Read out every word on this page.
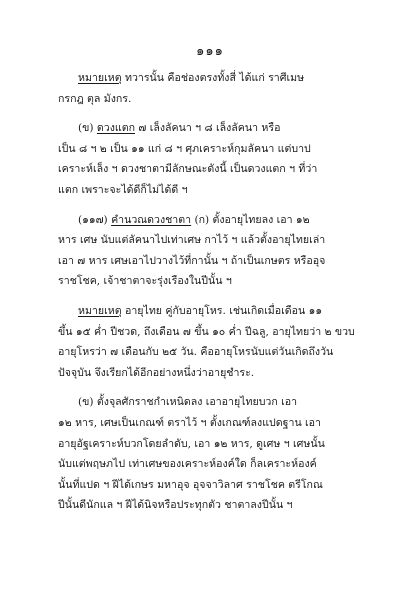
๑๑๑
หมายเหตุ ทวารนั้น คือช่องตรงทั้งสี่ ได้แก่ ราศีเมษ
กรกฎ ตุล มังกร.
(ข) ดวงแตก ๗ เล็งลัคนา ฯ ๘ เล็งลัคนา หรือ
เป็น ๘ ฯ ๒ เป็น ๑๑ แก่ ๘ ฯ ศุภเคราะห์กุมลัคนา แต่บาป
เคราะห์เล็ง ฯ ดวงชาตามีลักษณะดังนี้ เป็นดวงแตก ฯ ที่ว่า
แตก เพราะจะได้ดีก็ไม่ได้ดี ฯ
(๑๑๗) คำนวณดวงชาตา (ก) ตั้งอายุไทยลง เอา ๑๒
หาร เศษ นับแต่ลัคนาไปเท่าเศษ กาไว้ ฯ แล้วตั้งอายุไทยเล่า
เอา ๗ หาร เศษเอาไปวางไว้ที่กานั้น ฯ ถ้าเป็นเกษตร หรืออุจ
ราชโชค, เจ้าชาตาจะรุ่งเรืองในปีนั้น ฯ
หมายเหตุ อายุไทย คู่กับอายุโหร. เช่นเกิดเมื่อเดือน ๑๑
ขึ้น ๑๕ ค่ำ ปีชวด, ถึงเดือน ๗ ขึ้น ๑๐ ค่ำ ปีฉลู, อายุไทยว่า ๒ ขวบ
อายุโหรว่า ๗ เดือนกับ ๒๕ วัน. คืออายุโหรนับแต่วันเกิดถึงวัน
ปัจจุบัน จึงเรียกได้อีกอย่างหนึ่งว่าอายุชำระ.
(ข) ตั้งจุลศักราชกำเหนิดลง เอาอายุไทยบวก เอา
๑๒ หาร, เศษเป็นเกณฑ์ ตราไว้ ฯ ตั้งเกณฑ์ลงแปดฐาน เอา
อายุอัฐเคราะห์บวกโดยลำดับ, เอา ๑๒ หาร, ดูเศษ ฯ เศษนั้น
นับแต่พฤษภไป เท่าเศษของเคราะห์องค์ใด ก็ลเคราะห์องค์
นั้นที่แปด ฯ ฝีได้เกษร มหาอุจ อุจจาวิลาศ ราชโชค ตรีโกณ
ปีนั้นดีนักแล ฯ ฝีได้นิจหรือประทุกตัว ชาตาลงปีนั้น ฯ
